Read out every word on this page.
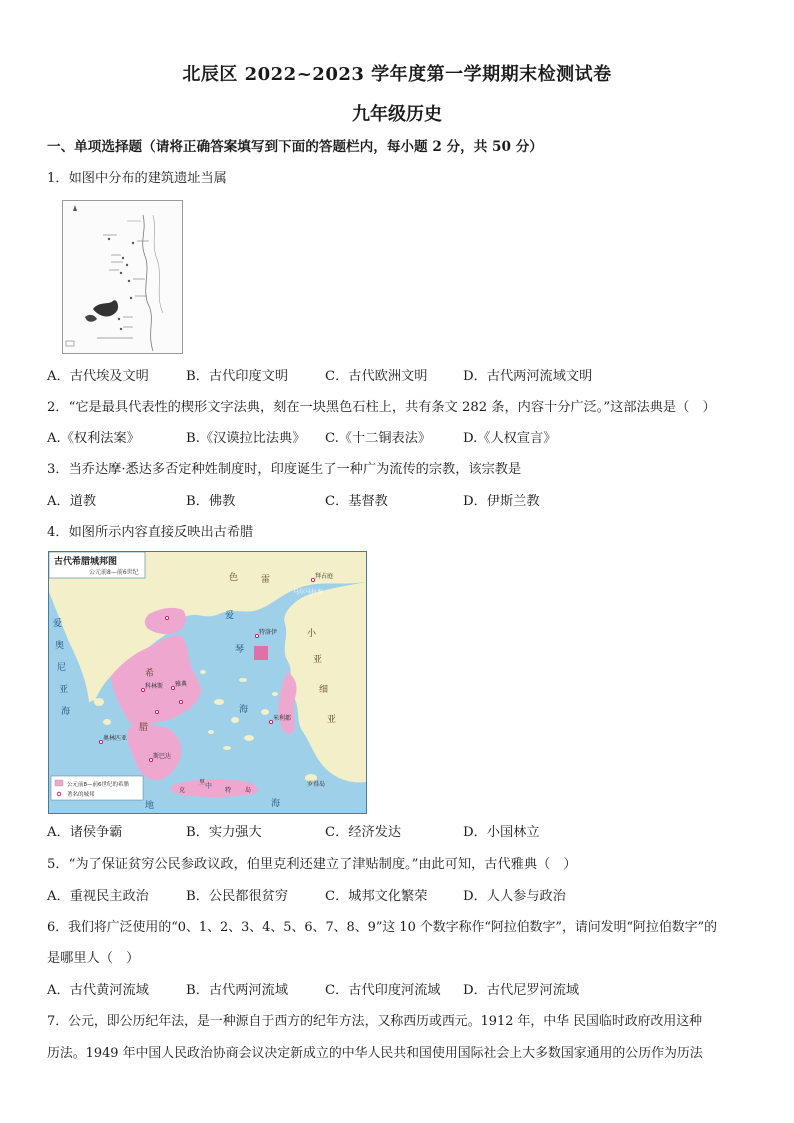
北辰区 2022~2023 学年度第一学期期末检测试卷
九年级历史
一、单项选择题（请将正确答案填写到下面的答题栏内，每小题 2 分，共 50 分）
1．如图中分布的建筑遗址当属
A．古代埃及文明	B．古代印度文明	C．古代欧洲文明	D．古代两河流域文明
2．“它是最具代表性的楔形文字法典，刻在一块黑色石柱上，共有条文 282 条，内容十分广泛。”这部法典是（　）
A.《权利法案》	B.《汉谟拉比法典》 C.《十二铜表法》 D.《人权宣言》
3．当乔达摩·悉达多否定种姓制度时，印度诞生了一种广为流传的宗教，该宗教是
A．道教	B．佛教	C．基督教	D．伊斯兰教
4．如图所示内容直接反映出古希腊
古代希腊城邦图
公元前8—前6世纪
爱
奥
尼
亚
海
爱
琴
海
地
中
海
色	雷
希
腊
小
亚
细
亚
克	特 岛
里
拜占庭
马尔马拉海
特洛伊
罗得岛
雅典
斯巴达
科林斯
米利都
奥林匹亚
公元前8—前6世纪的希腊
著名的城邦
A．诸侯争霸	B．实力强大	C．经济发达	D．小国林立
5．“为了保证贫穷公民参政议政，伯里克利还建立了津贴制度。”由此可知，古代雅典（　）
A．重视民主政治	B．公民都很贫穷	C．城邦文化繁荣	D．人人参与政治
6．我们将广泛使用的“0、1、2、3、4、5、6、7、8、9”这 10 个数字称作“阿拉伯数字”，请问发明“阿拉伯数字”的
是哪里人（　）
A．古代黄河流域	B．古代两河流域	C．古代印度河流域 D．古代尼罗河流域
7．公元，即公历纪年法，是一种源自于西方的纪年方法，又称西历或西元。1912 年，中华 民国临时政府改用这种
历法。1949 年中国人民政治协商会议决定新成立的中华人民共和国使用国际社会上大多数国家通用的公历作为历法
